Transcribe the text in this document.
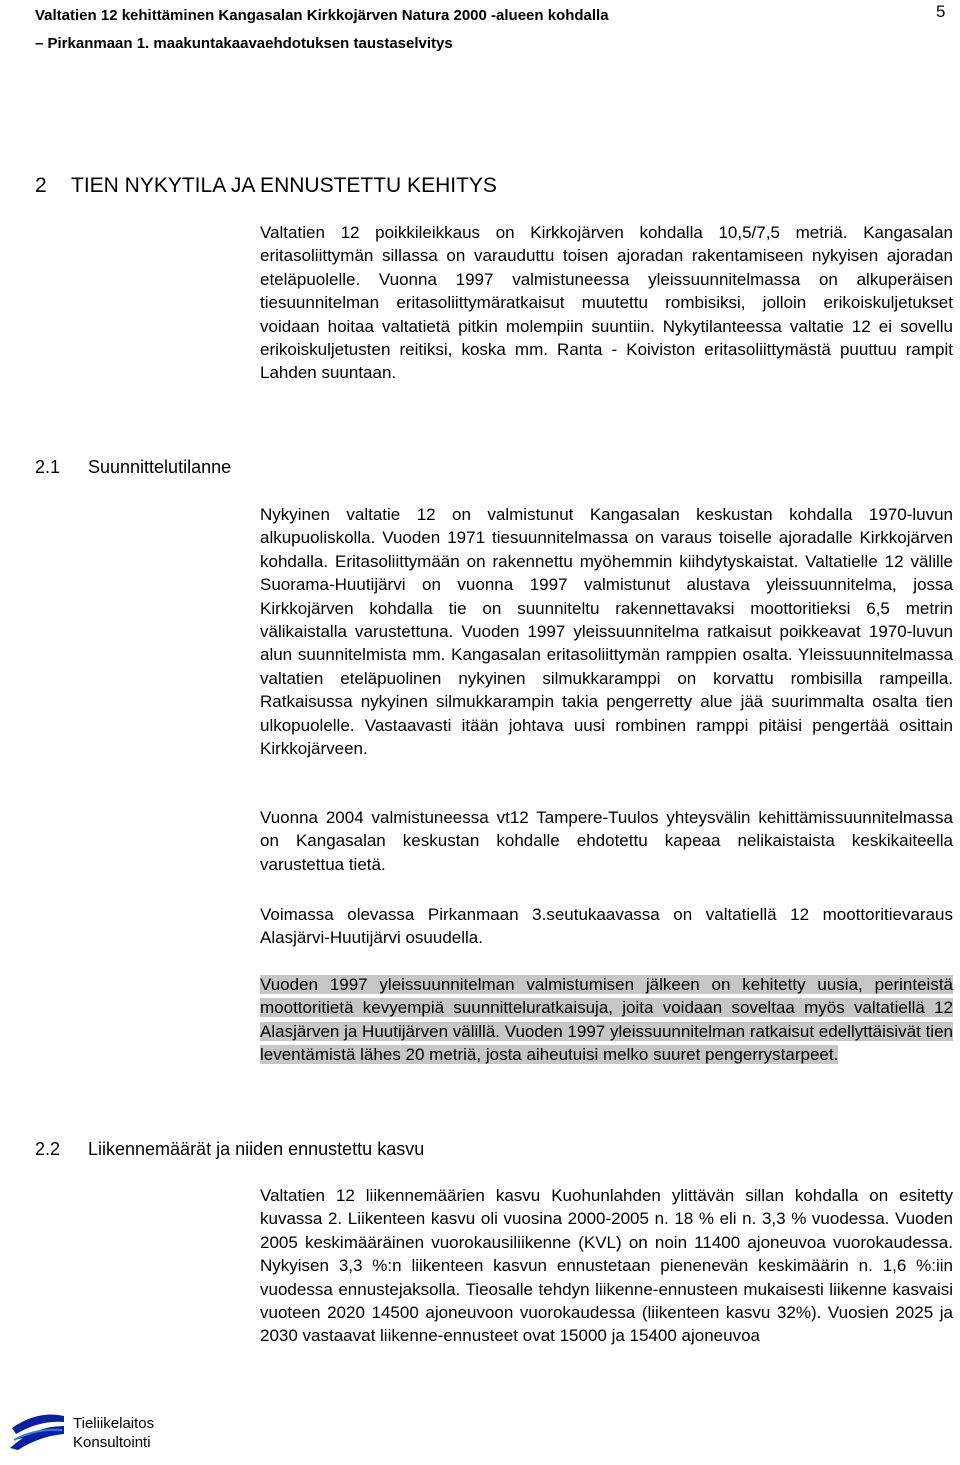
Valtatien 12 kehittäminen Kangasalan Kirkkojärven Natura 2000 -alueen kohdalla
– Pirkanmaan 1. maakuntakaavaehdotuksen taustaselvitys
5
2 TIEN NYKYTILA JA ENNUSTETTU KEHITYS

Valtatien 12 poikkileikkaus on Kirkkojärven kohdalla 10,5/7,5 metriä. Kangasalan eritasoliittymän sillassa on varauduttu toisen ajoradan rakentamiseen nykyisen ajoradan eteläpuolelle. Vuonna 1997 valmistuneessa yleissuunnitelmassa on alkuperäisen tiesuunnitelman eritasoliittymäratkaisut muutettu rombisiksi, jolloin erikoiskuljetukset voidaan hoitaa valtatietä pitkin molempiin suuntiin. Nykytilanteessa valtatie 12 ei sovellu erikoiskuljetusten reitiksi, koska mm. Ranta - Koiviston eritasoliittymästä puuttuu rampit Lahden suuntaan.

2.1 Suunnittelutilanne

Nykyinen valtatie 12 on valmistunut Kangasalan keskustan kohdalla 1970-luvun alkupuoliskolla. Vuoden 1971 tiesuunnitelmassa on varaus toiselle ajoradalle Kirkkojärven kohdalla. Eritasoliittymään on rakennettu myöhemmin kiihdytyskaistat. Valtatielle 12 välille Suorama-Huutijärvi on vuonna 1997 valmistunut alustava yleissuunnitelma, jossa Kirkkojärven kohdalla tie on suunniteltu rakennettavaksi moottoritieksi 6,5 metrin välikaistalla varustettuna. Vuoden 1997 yleissuunnitelma ratkaisut poikkeavat 1970-luvun alun suunnitelmista mm. Kangasalan eritasoliittymän ramppien osalta. Yleissuunnitelmassa valtatien eteläpuolinen nykyinen silmukkaramppi on korvattu rombisilla rampeilla. Ratkaisussa nykyinen silmukkarampin takia pengerretty alue jää suurimmalta osalta tien ulkopuolelle. Vastaavasti itään johtava uusi rombinen ramppi pitäisi pengertää osittain Kirkkojärveen.

Vuonna 2004 valmistuneessa vt12 Tampere-Tuulos yhteysvälin kehittämissuunnitelmassa on Kangasalan keskustan kohdalle ehdotettu kapeaa nelikaistaista keskikaiteella varustettua tietä.

Voimassa olevassa Pirkanmaan 3.seutukaavassa on valtatiellä 12 moottoritievaraus Alasjärvi-Huutijärvi osuudella.

Vuoden 1997 yleissuunnitelman valmistumisen jälkeen on kehitetty uusia, perinteistä moottoritietä kevyempiä suunnitteluratkaisuja, joita voidaan soveltaa myös valtatiellä 12 Alasjärven ja Huutijärven välillä. Vuoden 1997 yleissuunnitelman ratkaisut edellyttäisivät tien leventämistä lähes 20 metriä, josta aiheutuisi melko suuret pengerrystarpeet.

2.2 Liikennemäärät ja niiden ennustettu kasvu

Valtatien 12 liikennemäärien kasvu Kuohunlahden ylittävän sillan kohdalla on esitetty kuvassa 2. Liikenteen kasvu oli vuosina 2000-2005 n. 18 % eli n. 3,3 % vuodessa. Vuoden 2005 keskimääräinen vuorokausiliikenne (KVL) on noin 11400 ajoneuvoa vuorokaudessa. Nykyisen 3,3 %:n liikenteen kasvun ennustetaan pienenevän keskimäärin n. 1,6 %:iin vuodessa ennustejaksolla. Tieosalle tehdyn liikenne-ennusteen mukaisesti liikenne kasvaisi vuoteen 2020 14500 ajoneuvoon vuorokaudessa (liikenteen kasvu 32%). Vuosien 2025 ja 2030 vastaavat liikenne-ennusteet ovat 15000 ja 15400 ajoneuvoa

Tieliikelaitos
Konsultointi
